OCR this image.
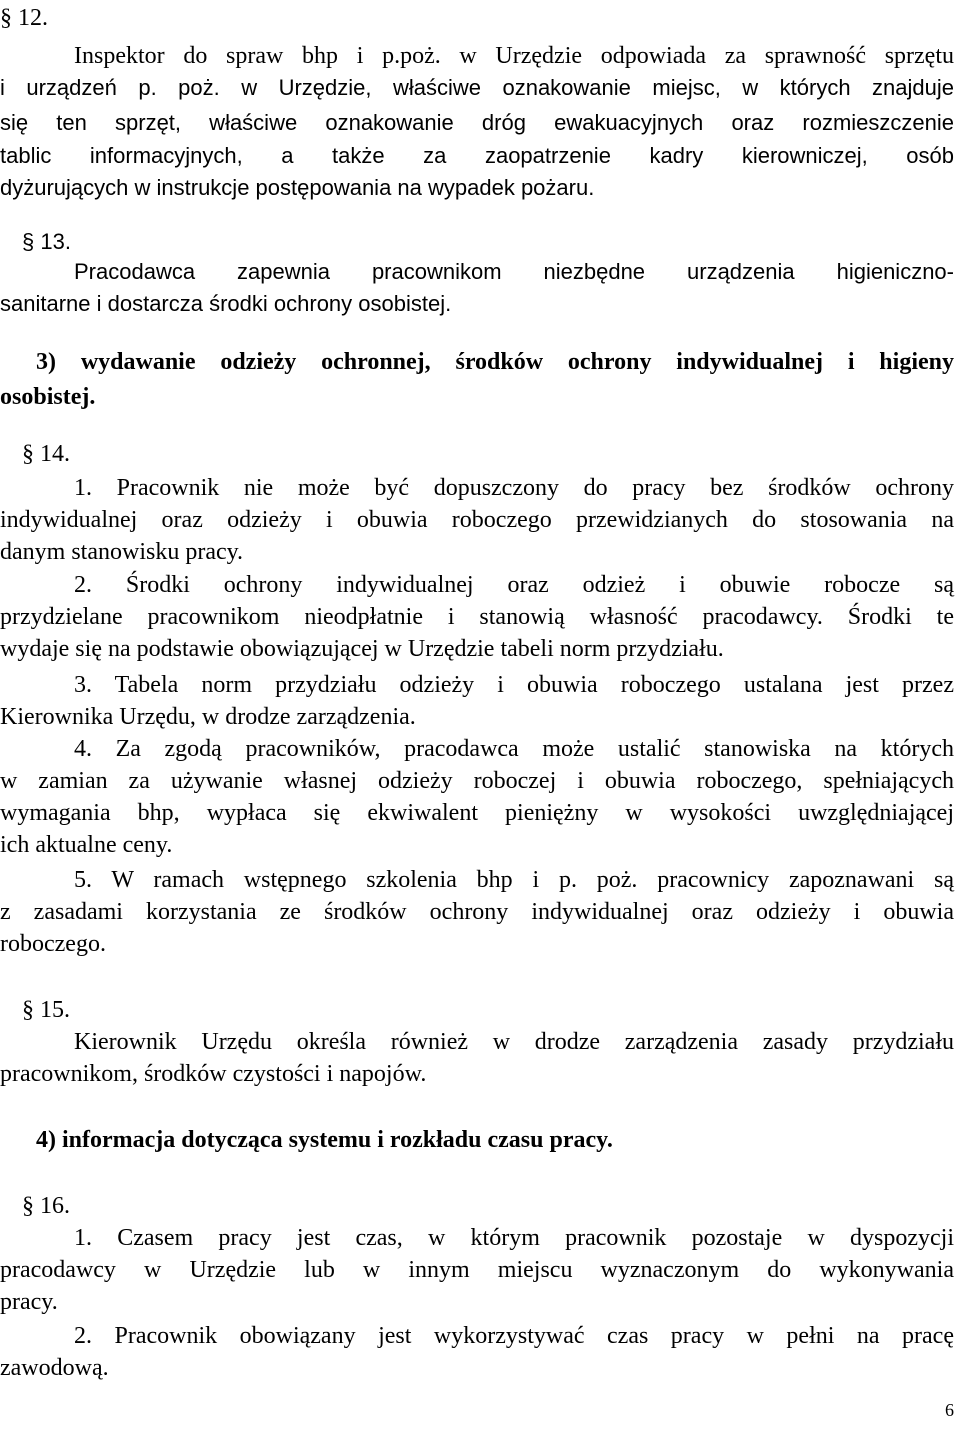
§ 12.
Inspektor do spraw bhp i p.poż. w Urzędzie odpowiada za sprawność sprzętu
i urządzeń p. poż. w Urzędzie, właściwe oznakowanie miejsc, w których znajduje
się ten sprzęt, właściwe oznakowanie dróg ewakuacyjnych oraz rozmieszczenie
tablic informacyjnych, a także za zaopatrzenie kadry kierowniczej, osób
dyżurujących w instrukcje postępowania na wypadek pożaru.
§ 13.
Pracodawca zapewnia pracownikom niezbędne urządzenia higieniczno-
sanitarne i dostarcza środki ochrony osobistej.
3) wydawanie odzieży ochronnej, środków ochrony indywidualnej i higieny
osobistej.
§ 14.
1. Pracownik nie może być dopuszczony do pracy bez środków ochrony
indywidualnej oraz odzieży i obuwia roboczego przewidzianych do stosowania na
danym stanowisku pracy.
2. Środki ochrony indywidualnej oraz odzież i obuwie robocze są
przydzielane pracownikom nieodpłatnie i stanowią własność pracodawcy. Środki te
wydaje się na podstawie obowiązującej w Urzędzie tabeli norm przydziału.
3. Tabela norm przydziału odzieży i obuwia roboczego ustalana jest przez
Kierownika Urzędu, w drodze zarządzenia.
4. Za zgodą pracowników, pracodawca może ustalić stanowiska na których
w zamian za używanie własnej odzieży roboczej i obuwia roboczego, spełniających
wymagania bhp, wypłaca się ekwiwalent pieniężny w wysokości uwzględniającej
ich aktualne ceny.
5. W ramach wstępnego szkolenia bhp i p. poż. pracownicy zapoznawani są
z zasadami korzystania ze środków ochrony indywidualnej oraz odzieży i obuwia
roboczego.
§ 15.
Kierownik Urzędu określa również w drodze zarządzenia zasady przydziału
pracownikom, środków czystości i napojów.
4) informacja dotycząca systemu i rozkładu czasu pracy.
§ 16.
1. Czasem pracy jest czas, w którym pracownik pozostaje w dyspozycji
pracodawcy w Urzędzie lub w innym miejscu wyznaczonym do wykonywania
pracy.
2. Pracownik obowiązany jest wykorzystywać czas pracy w pełni na pracę
zawodową.
6
